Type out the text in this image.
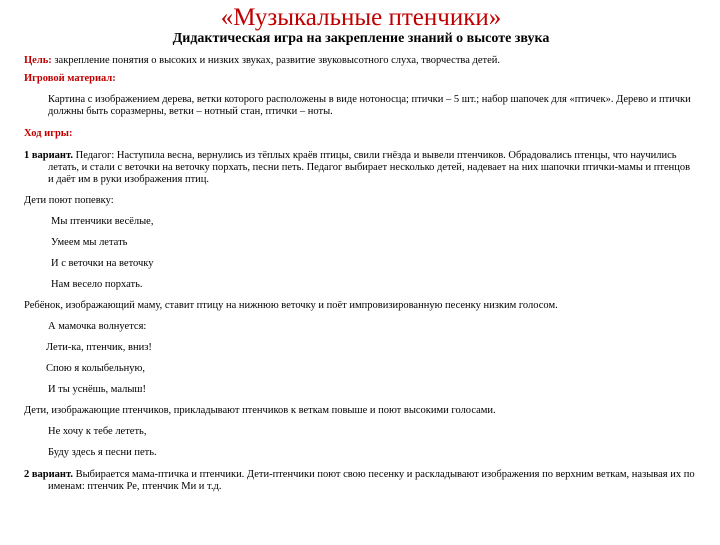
«Музыкальные птенчики»
Дидактическая игра на закрепление знаний о высоте звука

Цель: закрепление понятия о высоких и низких звуках, развитие звуковысотного слуха, творчества детей.

Игровой материал:

Картина с изображением дерева, ветки которого расположены в виде нотоносца; птички – 5 шт.; набор шапочек для «птичек». Дерево и птички должны быть соразмерны, ветки – нотный стан, птички – ноты.

Ход игры:

1 вариант. Педагог: Наступила весна, вернулись из тёплых краёв птицы, свили гнёзда и вывели птенчиков. Обрадовались птенцы, что научились летать, и стали с веточки на веточку порхать, песни петь. Педагог выбирает несколько детей, надевает на них шапочки птички-мамы и птенцов и даёт им в руки изображения птиц.

Дети поют попевку:

Мы птенчики весёлые,

Умеем мы летать

И с веточки на веточку

Нам весело порхать.

Ребёнок, изображающий маму, ставит птицу на нижнюю веточку и поёт импровизированную песенку низким голосом.

А мамочка волнуется:

Лети-ка, птенчик, вниз!

Спою я колыбельную,

И ты уснёшь, малыш!

Дети, изображающие птенчиков, прикладывают птенчиков к веткам повыше и поют высокими голосами.

Не хочу к тебе лететь,

Буду здесь я песни петь.

2 вариант. Выбирается мама-птичка и птенчики. Дети-птенчики поют свою песенку и раскладывают изображения по верхним веткам, называя их по именам: птенчик Ре, птенчик Ми и т.д.
